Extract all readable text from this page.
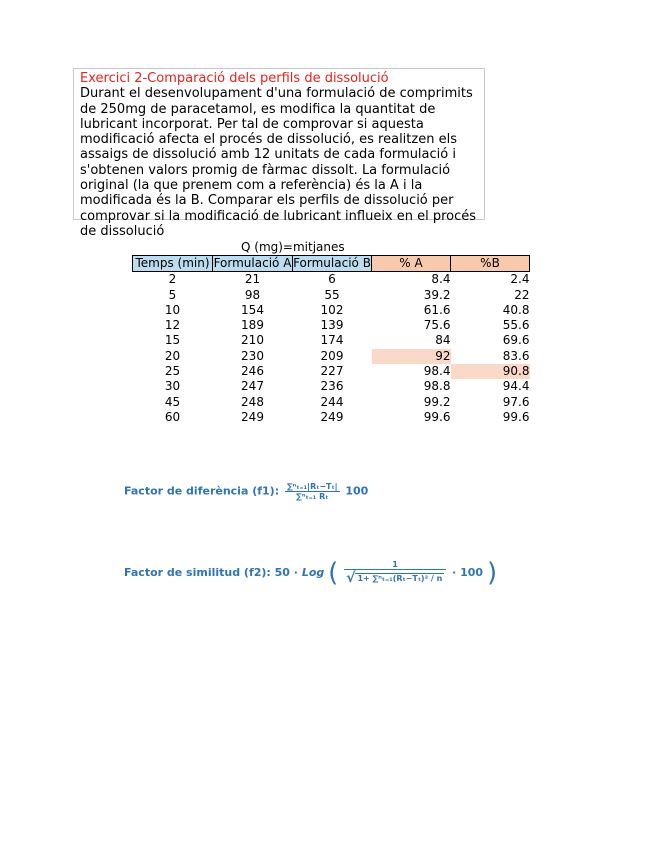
Exercici 2-Comparació dels perfils de dissolució
Durant el desenvolupament d'una formulació de comprimits
de 250mg de paracetamol, es modifica la quantitat de
lubricant incorporat. Per tal de comprovar si aquesta
modificació afecta el procés de dissolució, es realitzen els
assaigs de dissolució amb 12 unitats de cada formulació i
s'obtenen valors promig de fàrmac dissolt. La formulació
original (la que prenem com a referència) és la A i la
modificada és la B. Comparar els perfils de dissolució per
comprovar si la modificació de lubricant influeix en el procés
de dissolució
Q (mg)=mitjanes
Temps (min)	Formulació A	Formulació B	% A	%B
2	21	6	8.4	2.4
5	98	55	39.2	22
10	154	102	61.6	40.8
12	189	139	75.6	55.6
15	210	174	84	69.6
20	230	209	92	83.6
25	246	227	98.4	90.8
30	247	236	98.8	94.4
45	248	244	99.2	97.6
60	249	249	99.6	99.6
Factor de diferència (f1): $\frac{\text{∑ⁿₜ₌₁|Rₜ−Tₜ|}}{\text{∑ⁿₜ₌₁ Rₜ}} 100$
Factor de similitud (f2): 50 · Log ( $\frac{1}{\text{√ 1+ ∑ⁿₜ₌₁(Rₜ−Tₜ)² / n}} \cdot 100$ )
